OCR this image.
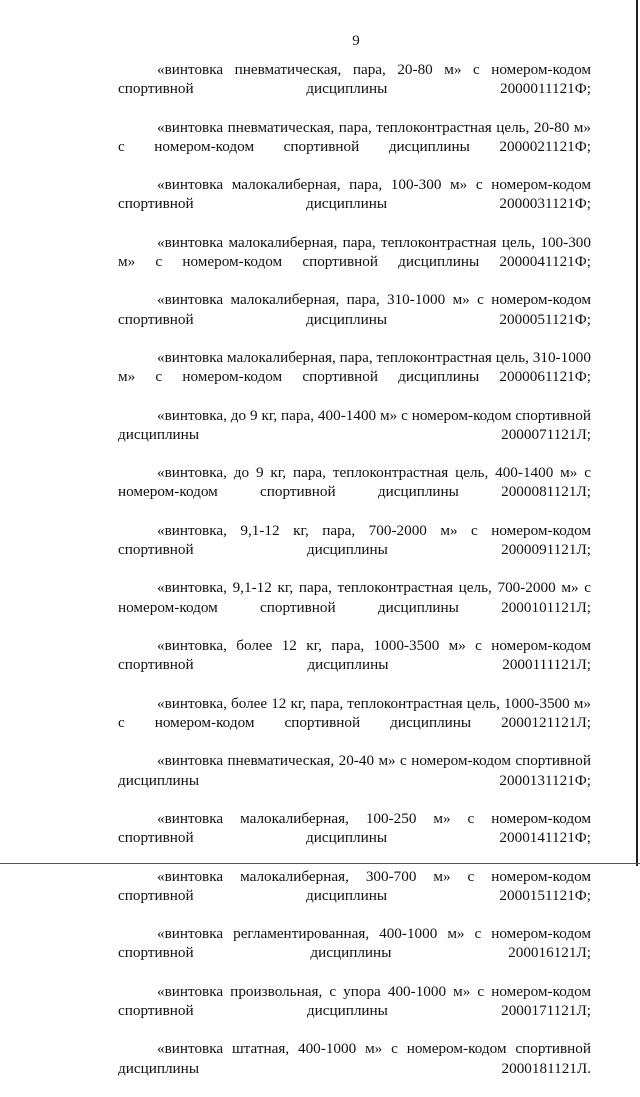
9

«винтовка пневматическая, пара, 20-80 м» с номером-кодом спортивной дисциплины 2000011121Ф;

«винтовка пневматическая, пара, теплоконтрастная цель, 20-80 м» с номером-кодом спортивной дисциплины 2000021121Ф;

«винтовка малокалиберная, пара, 100-300 м» с номером-кодом спортивной дисциплины 2000031121Ф;

«винтовка малокалиберная, пара, теплоконтрастная цель, 100-300 м» с номером-кодом спортивной дисциплины 2000041121Ф;

«винтовка малокалиберная, пара, 310-1000 м» с номером-кодом спортивной дисциплины 2000051121Ф;

«винтовка малокалиберная, пара, теплоконтрастная цель, 310-1000 м» с номером-кодом спортивной дисциплины 2000061121Ф;

«винтовка, до 9 кг, пара, 400-1400 м» с номером-кодом спортивной дисциплины 2000071121Л;

«винтовка, до 9 кг, пара, теплоконтрастная цель, 400-1400 м» с номером-кодом спортивной дисциплины 2000081121Л;

«винтовка, 9,1-12 кг, пара, 700-2000 м» с номером-кодом спортивной дисциплины 2000091121Л;

«винтовка, 9,1-12 кг, пара, теплоконтрастная цель, 700-2000 м» с номером-кодом спортивной дисциплины 2000101121Л;

«винтовка, более 12 кг, пара, 1000-3500 м» с номером-кодом спортивной дисциплины 2000111121Л;

«винтовка, более 12 кг, пара, теплоконтрастная цель, 1000-3500 м» с номером-кодом спортивной дисциплины 2000121121Л;

«винтовка пневматическая, 20-40 м» с номером-кодом спортивной дисциплины 2000131121Ф;

«винтовка малокалиберная, 100-250 м» с номером-кодом спортивной дисциплины 2000141121Ф;

«винтовка малокалиберная, 300-700 м» с номером-кодом спортивной дисциплины 2000151121Ф;

«винтовка регламентированная, 400-1000 м» с номером-кодом спортивной дисциплины 200016121Л;

«винтовка произвольная, с упора 400-1000 м» с номером-кодом спортивной дисциплины 2000171121Л;

«винтовка штатная, 400-1000 м» с номером-кодом спортивной дисциплины 2000181121Л.
